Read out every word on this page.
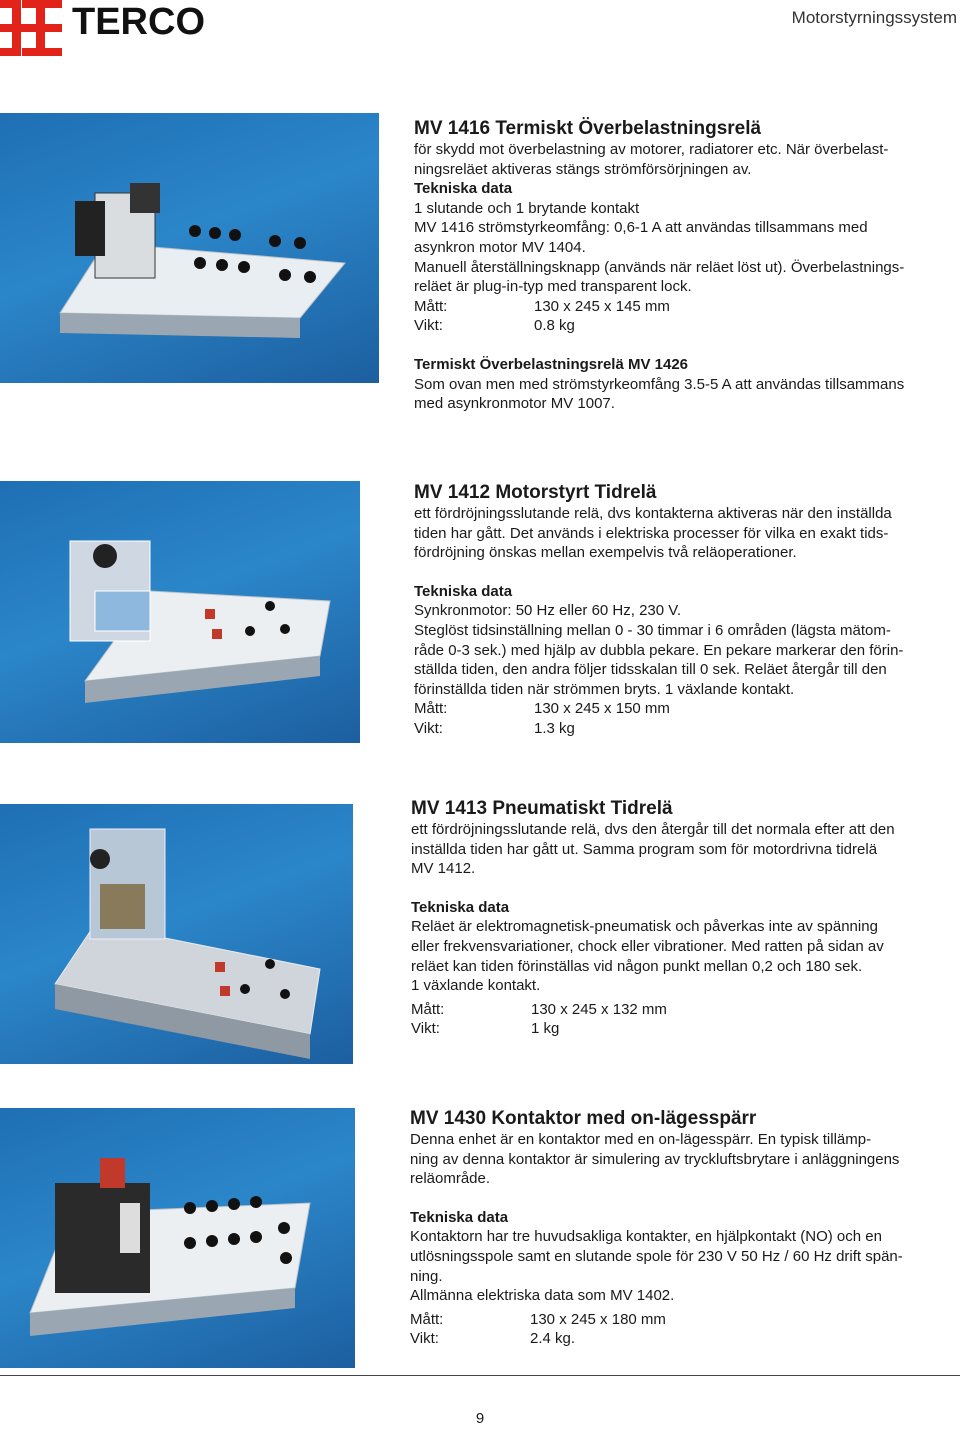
TERCO	Motorstyrningssystem

MV 1416 Termiskt Överbelastningsrelä

för skydd mot överbelastning av motorer, radiatorer etc. När överbelast-

ningsreläet aktiveras stängs strömförsörjningen av.

Tekniska data

1 slutande och 1 brytande kontakt

MV 1416 strömstyrkeomfång: 0,6-1 A att användas tillsammans med

asynkron motor MV 1404.

Manuell återställningsknapp (används när reläet löst ut). Överbelastnings-

reläet är plug-in-typ med transparent lock.

Mått:	130 x 245 x 145 mm
Vikt:	0.8 kg

Termiskt Överbelastningsrelä MV 1426

Som ovan men med strömstyrkeomfång 3.5-5 A att användas tillsammans

med asynkronmotor MV 1007.

MV 1412 Motorstyrt Tidrelä

ett fördröjningsslutande relä, dvs kontakterna aktiveras när den inställda

tiden har gått. Det används i elektriska processer för vilka en exakt tids-

fördröjning önskas mellan exempelvis två reläoperationer.

Tekniska data

Synkronmotor: 50 Hz eller 60 Hz, 230 V.

Steglöst tidsinställning mellan 0 - 30 timmar i 6 områden (lägsta mätom-

råde 0-3 sek.) med hjälp av dubbla pekare. En pekare markerar den förin-

ställda tiden, den andra följer tidsskalan till 0 sek. Reläet återgår till den

förinställda tiden när strömmen bryts. 1 växlande kontakt.

Mått:	130 x 245 x 150 mm
Vikt:	1.3 kg

MV 1413 Pneumatiskt Tidrelä

ett fördröjningsslutande relä, dvs den återgår till det normala efter att den

inställda tiden har gått ut. Samma program som för motordrivna tidrelä

MV 1412.

Tekniska data

Reläet är elektromagnetisk-pneumatisk och påverkas inte av spänning

eller frekvensvariationer, chock eller vibrationer. Med ratten på sidan av

reläet kan tiden förinställas vid någon punkt mellan 0,2 och 180 sek.

1 växlande kontakt.

Mått:	130 x 245 x 132 mm
Vikt:	1 kg

MV 1430 Kontaktor med on-lägesspärr

Denna enhet är en kontaktor med en on-lägesspärr. En typisk tillämp-

ning av denna kontaktor är simulering av tryckluftsbrytare i anläggningens

reläområde.

Tekniska data

Kontaktorn har tre huvudsakliga kontakter, en hjälpkontakt (NO) och en

utlösningsspole samt en slutande spole för 230 V 50 Hz / 60 Hz drift spän-

ning.

Allmänna elektriska data som MV 1402.

Mått:	130 x 245 x 180 mm
Vikt:	2.4 kg.
9
